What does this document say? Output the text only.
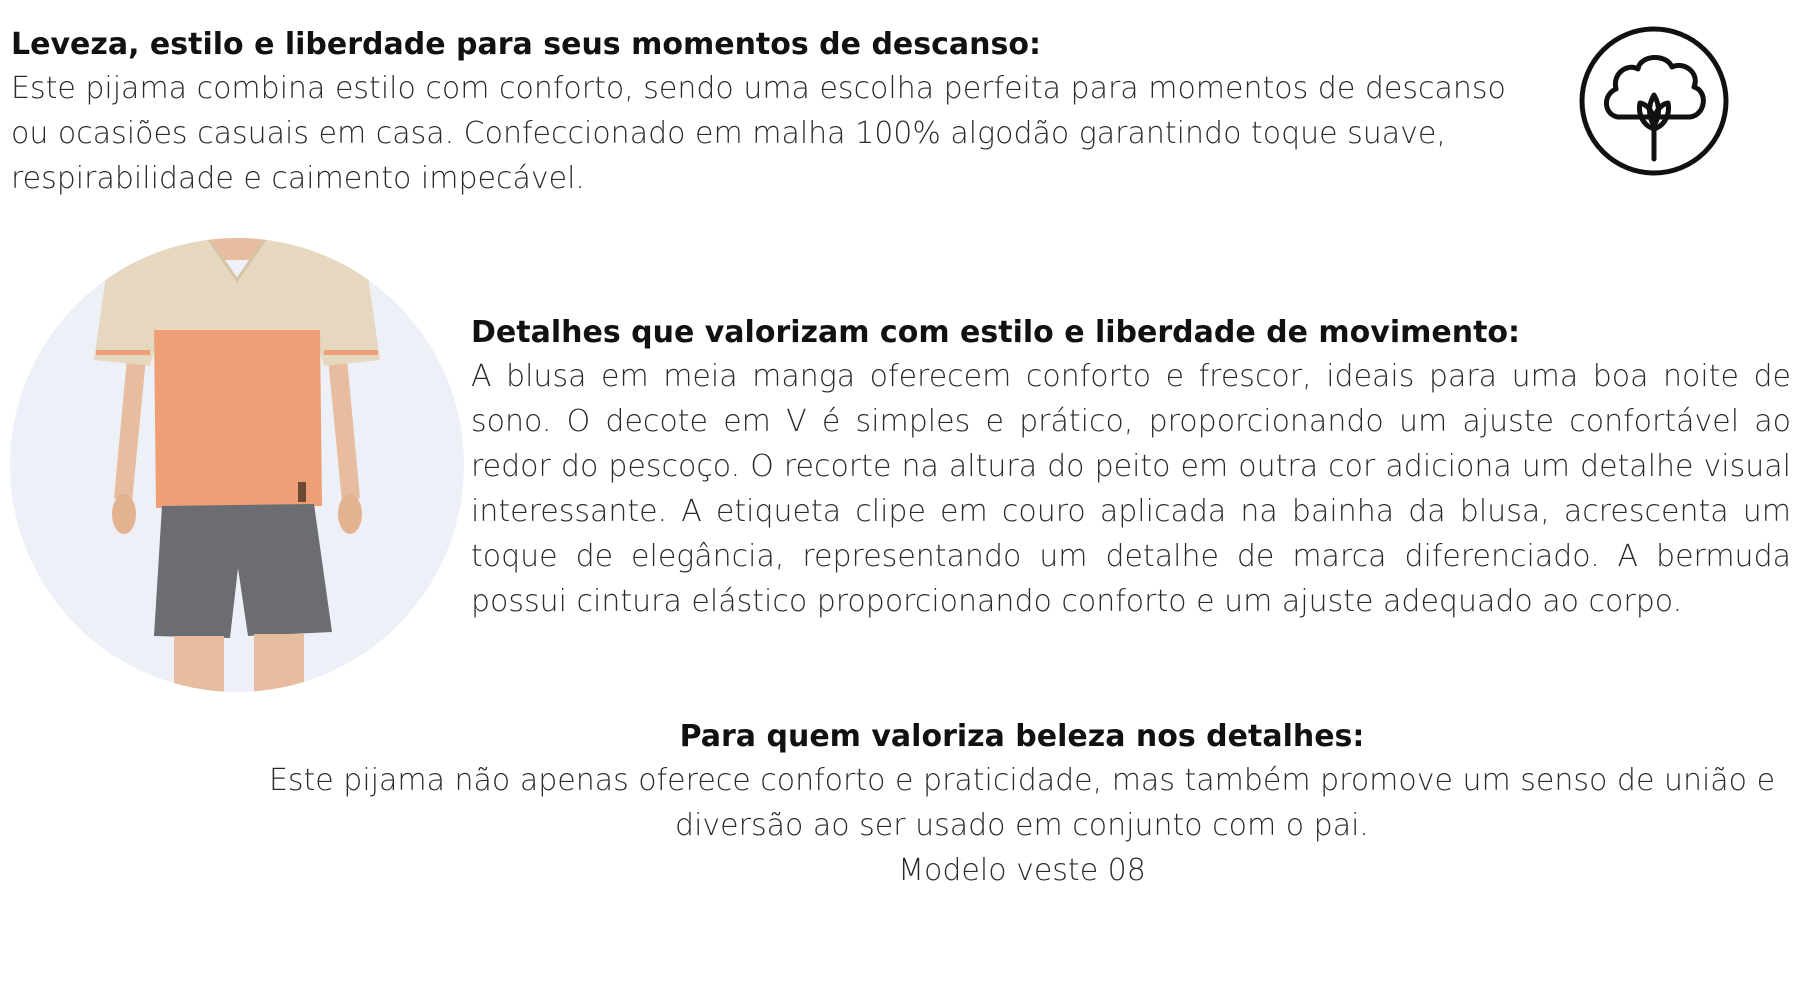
Leveza, estilo e liberdade para seus momentos de descanso:

Este pijama combina estilo com conforto, sendo uma escolha perfeita para momentos de descanso ou ocasiões casuais em casa. Confeccionado em malha 100% algodão garantindo toque suave, respirabilidade e caimento impecável.

Detalhes que valorizam com estilo e liberdade de movimento:

A blusa em meia manga oferecem conforto e frescor, ideais para uma boa noite de sono. O decote em V é simples e prático, proporcionando um ajuste confortável ao redor do pescoço. O recorte na altura do peito em outra cor adiciona um detalhe visual interessante. A etiqueta clipe em couro aplicada na bainha da blusa, acrescenta um toque de elegância, representando um detalhe de marca diferenciado. A bermuda possui cintura elástico proporcionando conforto e um ajuste adequado ao corpo.

Para quem valoriza beleza nos detalhes:

Este pijama não apenas oferece conforto e praticidade, mas também promove um senso de união e

diversão ao ser usado em conjunto com o pai.

Modelo veste 08
